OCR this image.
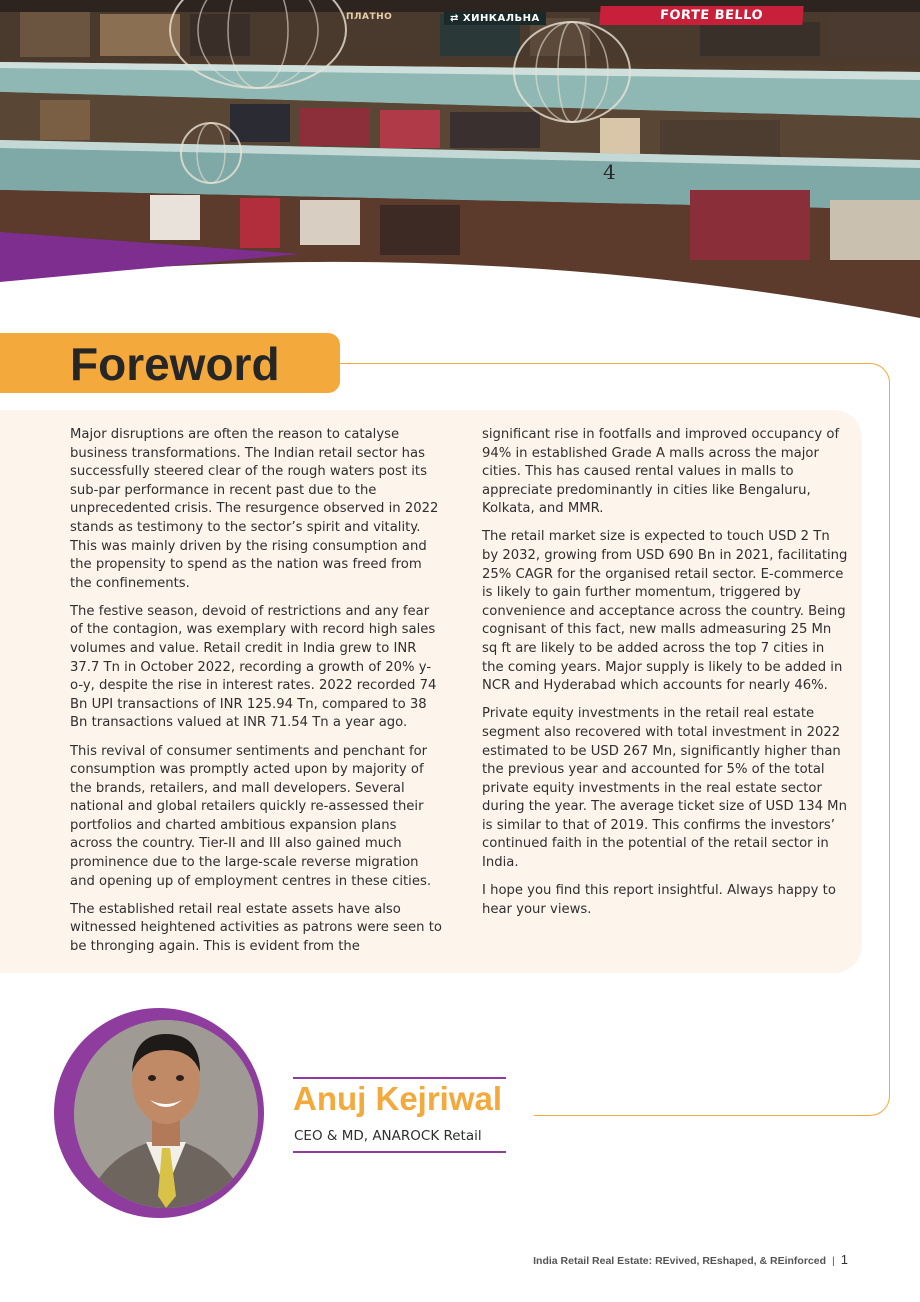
FORTE BELLO
⇄ ХИНКАЛЬНА
ПЛАТНО
4
Foreword

Major disruptions are often the reason to catalyse business transformations. The Indian retail sector has successfully steered clear of the rough waters post its sub-par performance in recent past due to the unprecedented crisis. The resurgence observed in 2022 stands as testimony to the sector’s spirit and vitality. This was mainly driven by the rising consumption and the propensity to spend as the nation was freed from the confinements.

The festive season, devoid of restrictions and any fear of the contagion, was exemplary with record high sales volumes and value. Retail credit in India grew to INR 37.7 Tn in October 2022, recording a growth of 20% y-o-y, despite the rise in interest rates. 2022 recorded 74 Bn UPI transactions of INR 125.94 Tn, compared to 38 Bn transactions valued at INR 71.54 Tn a year ago.

This revival of consumer sentiments and penchant for consumption was promptly acted upon by majority of the brands, retailers, and mall developers. Several national and global retailers quickly re-assessed their portfolios and charted ambitious expansion plans across the country. Tier-II and III also gained much prominence due to the large-scale reverse migration and opening up of employment centres in these cities.

The established retail real estate assets have also witnessed heightened activities as patrons were seen to be thronging again. This is evident from the

significant rise in footfalls and improved occupancy of 94% in established Grade A malls across the major cities. This has caused rental values in malls to appreciate predominantly in cities like Bengaluru, Kolkata, and MMR.

The retail market size is expected to touch USD 2 Tn by 2032, growing from USD 690 Bn in 2021, facilitating 25% CAGR for the organised retail sector. E-commerce is likely to gain further momentum, triggered by convenience and acceptance across the country. Being cognisant of this fact, new malls admeasuring 25 Mn sq ft are likely to be added across the top 7 cities in the coming years. Major supply is likely to be added in NCR and Hyderabad which accounts for nearly 46%.

Private equity investments in the retail real estate segment also recovered with total investment in 2022 estimated to be USD 267 Mn, significantly higher than the previous year and accounted for 5% of the total private equity investments in the real estate sector during the year. The average ticket size of USD 134 Mn is similar to that of 2019. This confirms the investors’ continued faith in the potential of the retail sector in India.

I hope you find this report insightful. Always happy to hear your views.

Anuj Kejriwal
CEO & MD, ANAROCK Retail
India Retail Real Estate: REvived, REshaped, & REinforced | 1
